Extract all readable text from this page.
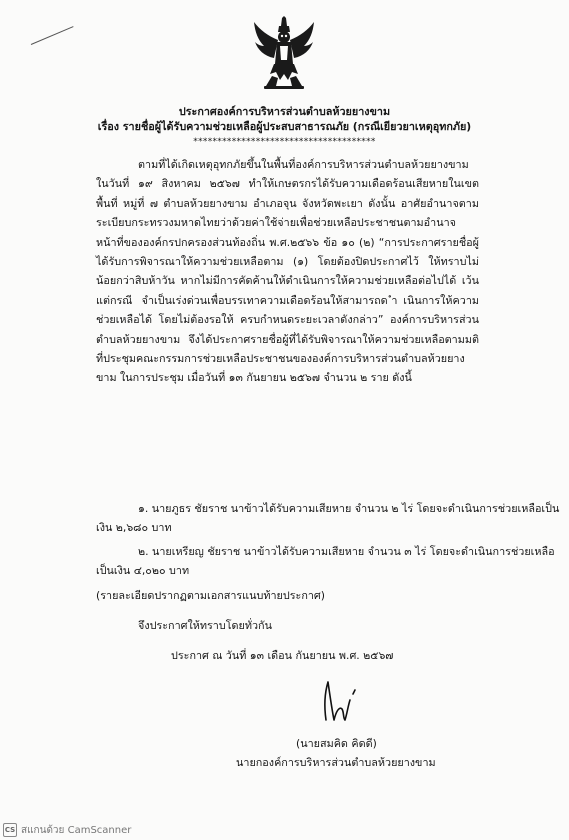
ประกาศองค์การบริหารส่วนตำบลห้วยยางขาม

เรื่อง รายชื่อผู้ได้รับความช่วยเหลือผู้ประสบสาธารณภัย (กรณีเยียวยาเหตุอุทกภัย)

**************************************

ตามที่ได้เกิดเหตุอุทกภัยขึ้นในพื้นที่องค์การบริหารส่วนตำบลห้วยยางขาม ในวันที่ ๑๙ สิงหาคม ๒๕๖๗ ทำให้เกษตรกรได้รับความเดือดร้อนเสียหายในเขตพื้นที่ หมู่ที่ ๗ ตำบลห้วยยางขาม อำเภอจุน จังหวัดพะเยา ดังนั้น อาศัยอำนาจตาม ระเบียบกระทรวงมหาดไทยว่าด้วยค่าใช้จ่ายเพื่อช่วยเหลือประชาชนตามอำนาจหน้าที่ขององค์กรปกครองส่วนท้องถิ่น พ.ศ.๒๕๖๖ ข้อ ๑๐ (๒) “การประกาศรายชื่อผู้ได้รับการพิจารณาให้ความช่วยเหลือตาม (๑) โดยต้องปิดประกาศไว้ ให้ทราบไม่น้อยกว่าสิบห้าวัน หากไม่มีการคัดค้านให้ดำเนินการให้ความช่วยเหลือต่อไปได้ เว้นแต่กรณี จำเป็นเร่งด่วนเพื่อบรรเทาความเดือดร้อนให้สามารถด ำเนินการให้ความช่วยเหลือได้ โดยไม่ต้องรอให้ ครบกำหนดระยะเวลาดังกล่าว” องค์การบริหารส่วนตำบลห้วยยางขาม จึงได้ประกาศรายชื่อผู้ที่ได้รับพิจารณาให้ความช่วยเหลือตามมติที่ประชุมคณะกรรมการช่วยเหลือประชาชนขององค์การบริหารส่วนตำบลห้วยยางขาม ในการประชุม เมื่อวันที่ ๑๓ กันยายน ๒๕๖๗ จำนวน ๒ ราย ดังนี้

๑. นายภูธร ชัยราช นาข้าวได้รับความเสียหาย จำนวน ๒ ไร่ โดยจะดำเนินการช่วยเหลือเป็น

เงิน ๒,๖๘๐ บาท

๒. นายเหรียญ ชัยราช นาข้าวได้รับความเสียหาย จำนวน ๓ ไร่ โดยจะดำเนินการช่วยเหลือ

เป็นเงิน ๔,๐๒๐ บาท

(รายละเอียดปรากฏตามเอกสารแนบท้ายประกาศ)

จึงประกาศให้ทราบโดยทั่วกัน

ประกาศ ณ วันที่ ๑๓ เดือน กันยายน พ.ศ. ๒๕๖๗

(นายสมคิด คิดดี)

นายกองค์การบริหารส่วนตำบลห้วยยางขาม

CS สแกนด้วย CamScanner
